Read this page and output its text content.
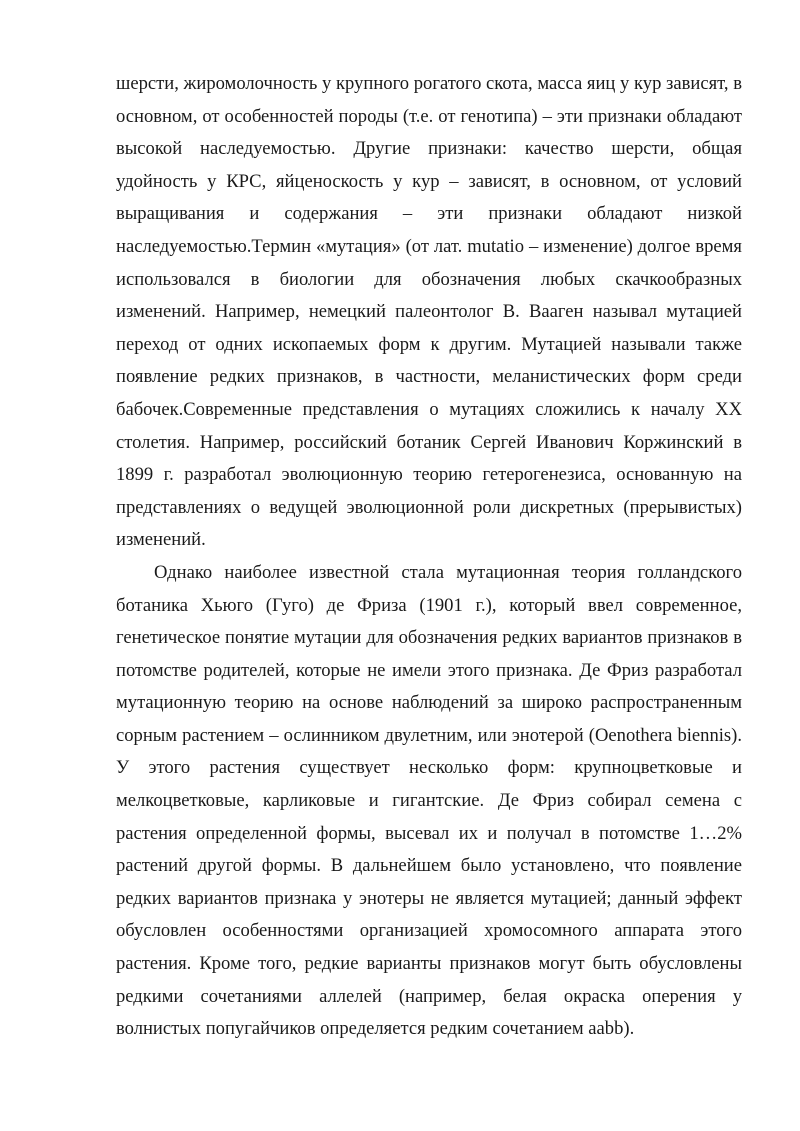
шерсти, жиромолочность у крупного рогатого скота, масса яиц у кур зависят, в основном, от особенностей породы (т.е. от генотипа) – эти признаки обладают высокой наследуемостью. Другие признаки: качество шерсти, общая удойность у КРС, яйценоскость у кур – зависят, в основном, от условий выращивания и содержания – эти признаки обладают низкой наследуемостью.Термин «мутация» (от лат. mutatio – изменение) долгое время использовался в биологии для обозначения любых скачкообразных изменений. Например, немецкий палеонтолог В. Вааген называл мутацией переход от одних ископаемых форм к другим. Мутацией называли также появление редких признаков, в частности, меланистических форм среди бабочек.Современные представления о мутациях сложились к началу XX столетия. Например, российский ботаник Сергей Иванович Коржинский в 1899 г. разработал эволюционную теорию гетерогенезиса, основанную на представлениях о ведущей эволюционной роли дискретных (прерывистых) изменений.

Однако наиболее известной стала мутационная теория голландского ботаника Хьюго (Гуго) де Фриза (1901 г.), который ввел современное, генетическое понятие мутации для обозначения редких вариантов признаков в потомстве родителей, которые не имели этого признака. Де Фриз разработал мутационную теорию на основе наблюдений за широко распространенным сорным растением – ослинником двулетним, или энотерой (Oenothera biennis). У этого растения существует несколько форм: крупноцветковые и мелкоцветковые, карликовые и гигантские. Де Фриз собирал семена с растения определенной формы, высевал их и получал в потомстве 1…2% растений другой формы. В дальнейшем было установлено, что появление редких вариантов признака у энотеры не является мутацией; данный эффект обусловлен особенностями организацией хромосомного аппарата этого растения. Кроме того, редкие варианты признаков могут быть обусловлены редкими сочетаниями аллелей (например, белая окраска оперения у волнистых попугайчиков определяется редким сочетанием aabb).
